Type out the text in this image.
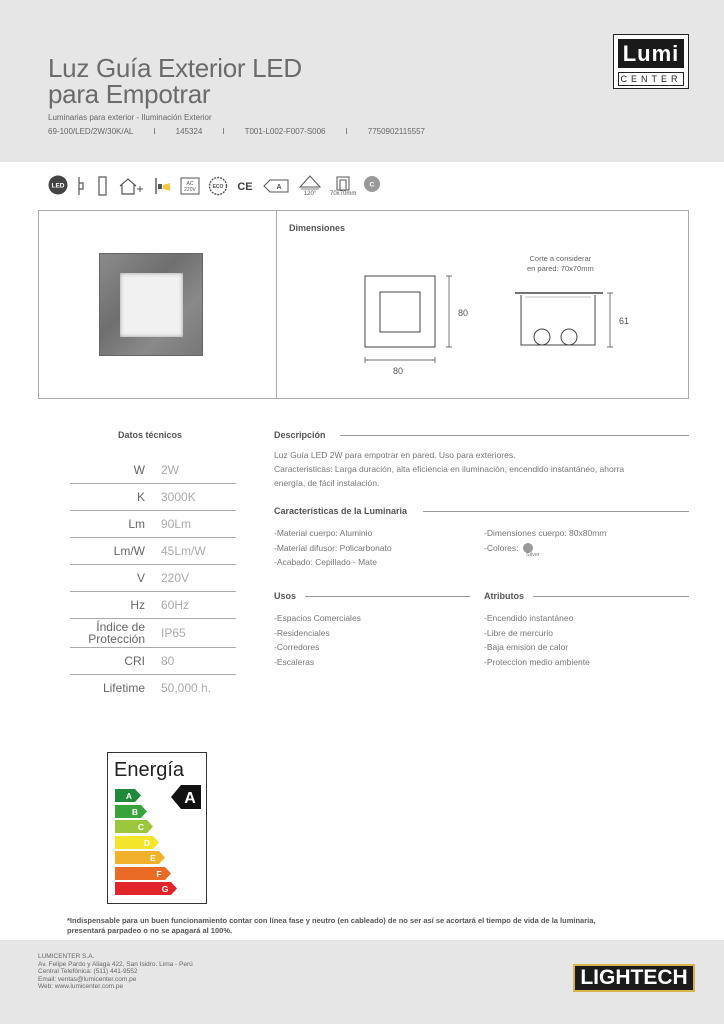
Luz Guía Exterior LED
para Empotrar
Luminarias para exterior - Iluminación Exterior
69-100/LED/2W/30K/AL	I	145324	I	T001-L002-F007-S006	I	7750902115557
Lumi
CENTER
LED	AC
220V	ECO CE	A
120° 70x70mm
C
Dimensiones
80
80
Corte a considerar
en pared: 70x70mm
61
Datos técnicos
W	2W
K	3000K
Lm	90Lm
Lm/W	45Lm/W
V	220V
Hz	60Hz
Índice de Protección	IP65
CRI	80
Lifetime	50,000 h.
Descripción
Luz Guía LED 2W para empotrar en pared. Uso para exteriores.
Caracteristicas: Larga duración, alta eficiencia en iluminación, encendido instantáneo, ahorra
energía, de fácil instalación.
Características de la Luminaria
-Material cuerpo: Aluminio
-Material difusor: Policarbonato
-Acabado: Cepillado - Mate
-Dimensiones cuerpo: 80x80mm
-Colores:
Silver
Usos
-Espacios Comerciales
-Residenciales
-Corredores
-Escaleras
Atributos
-Encendido instantáneo
-Libre de mercurio
-Baja emision de calor
-Proteccion medio ambiente
Energía
A
B
C
D
E
F
G
A
*Indispensable para un buen funcionamiento contar con línea fase y neutro (en cableado) de no ser así se acortará el tiempo de vida de la luminaria,
presentará parpadeo o no se apagará al 100%.
LUMICENTER S.A.
Av. Felipe Pardo y Aliaga 422, San Isidro. Lima - Perú
Central Telefónica: (511) 441-9552
Email: ventas@lumicenter.com.pe
Web: www.lumicenter.com.pe	LIGHTECH
